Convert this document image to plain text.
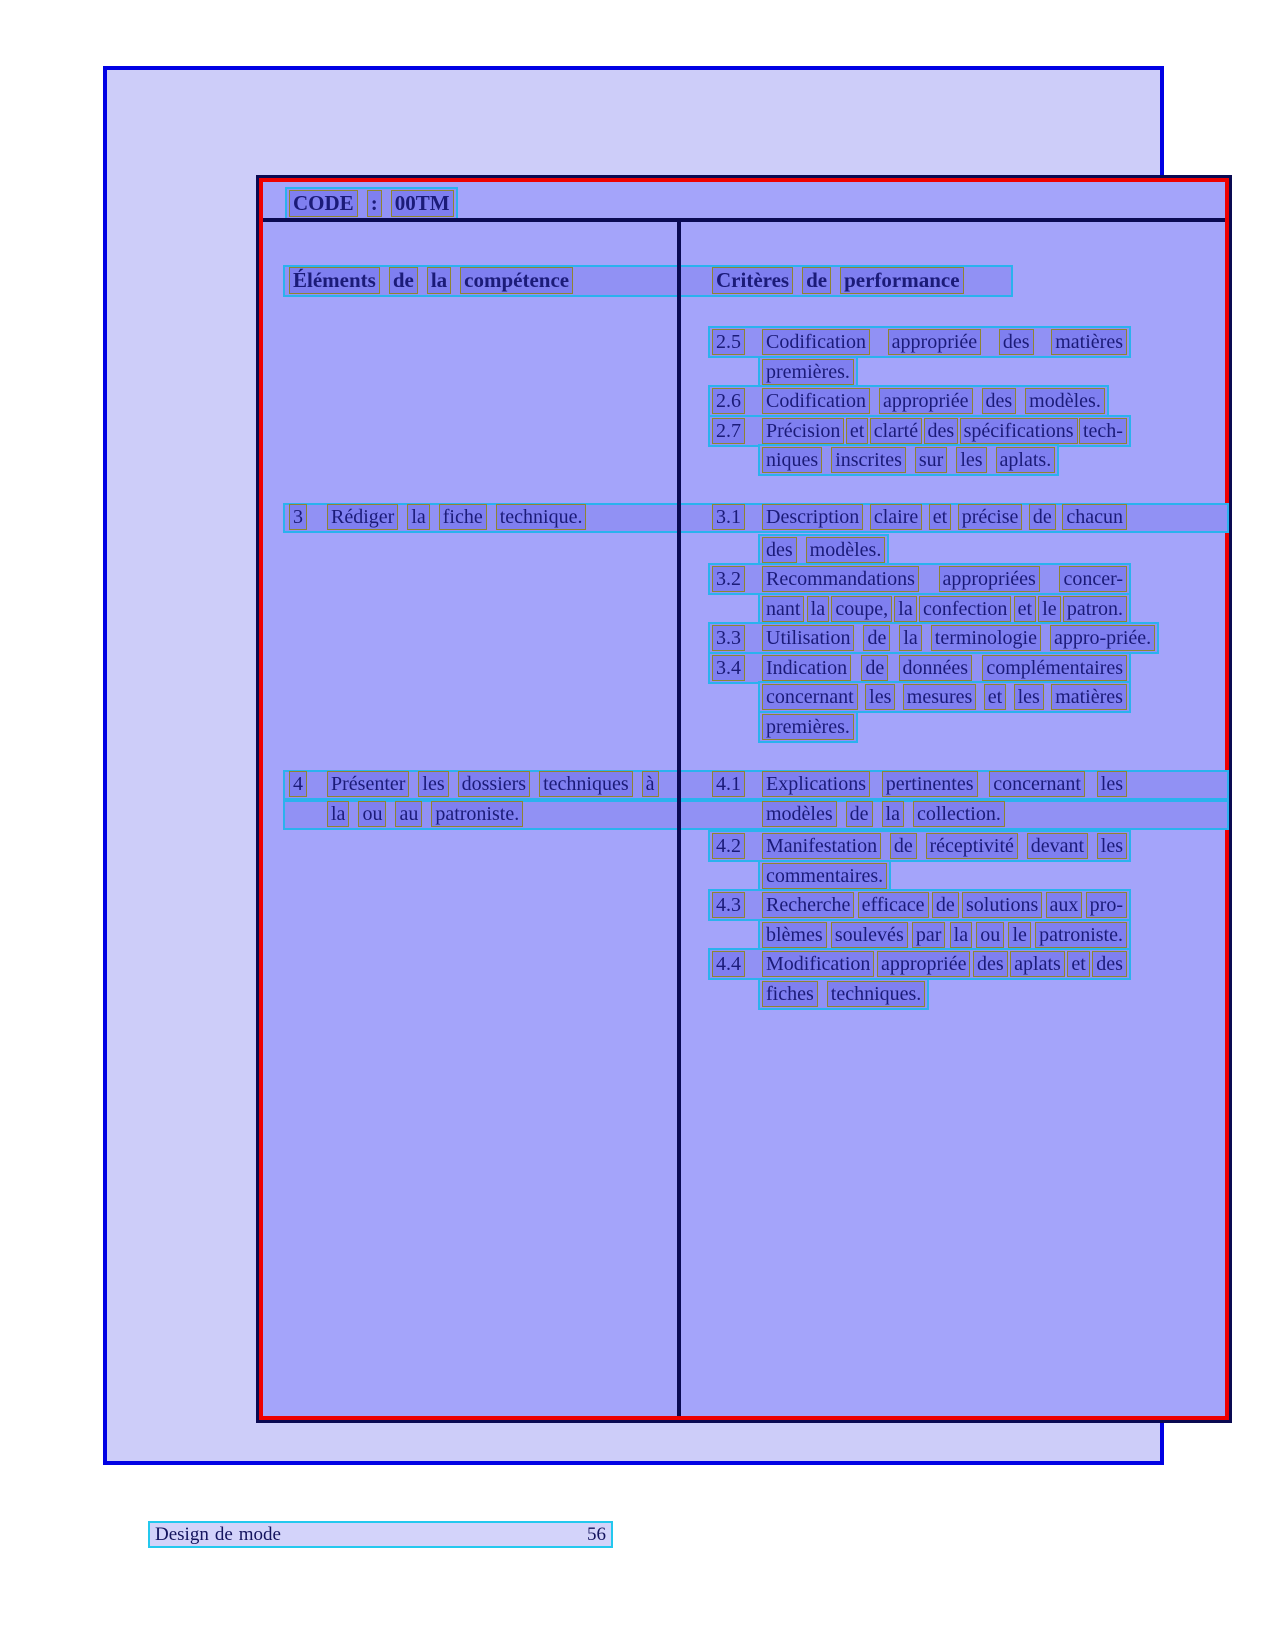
CODE : 00TM
Éléments de la compétence	Critères de performance
2.5 Codification appropriée des matières
premières.
2.6 Codification appropriée des modèles.
2.7 Précision et clarté des spécifications tech-
niques inscrites sur les aplats.
3 Rédiger la fiche technique.	3.1 Description claire et précise de chacun
des modèles.
3.2 Recommandations appropriées concer-
nant la coupe, la confection et le patron.
3.3 Utilisation de la terminologie appro-priée.
3.4 Indication de données complémentaires
concernant les mesures et les matières
premières.
4 Présenter les dossiers techniques à	4.1 Explications pertinentes concernant les
la ou au patroniste.	modèles de la collection.
4.2 Manifestation de réceptivité devant les
commentaires.
4.3 Recherche efficace de solutions aux pro-
blèmes soulevés par la ou le patroniste.
4.4 Modification appropriée des aplats et des
fiches techniques.
Design de mode	56
